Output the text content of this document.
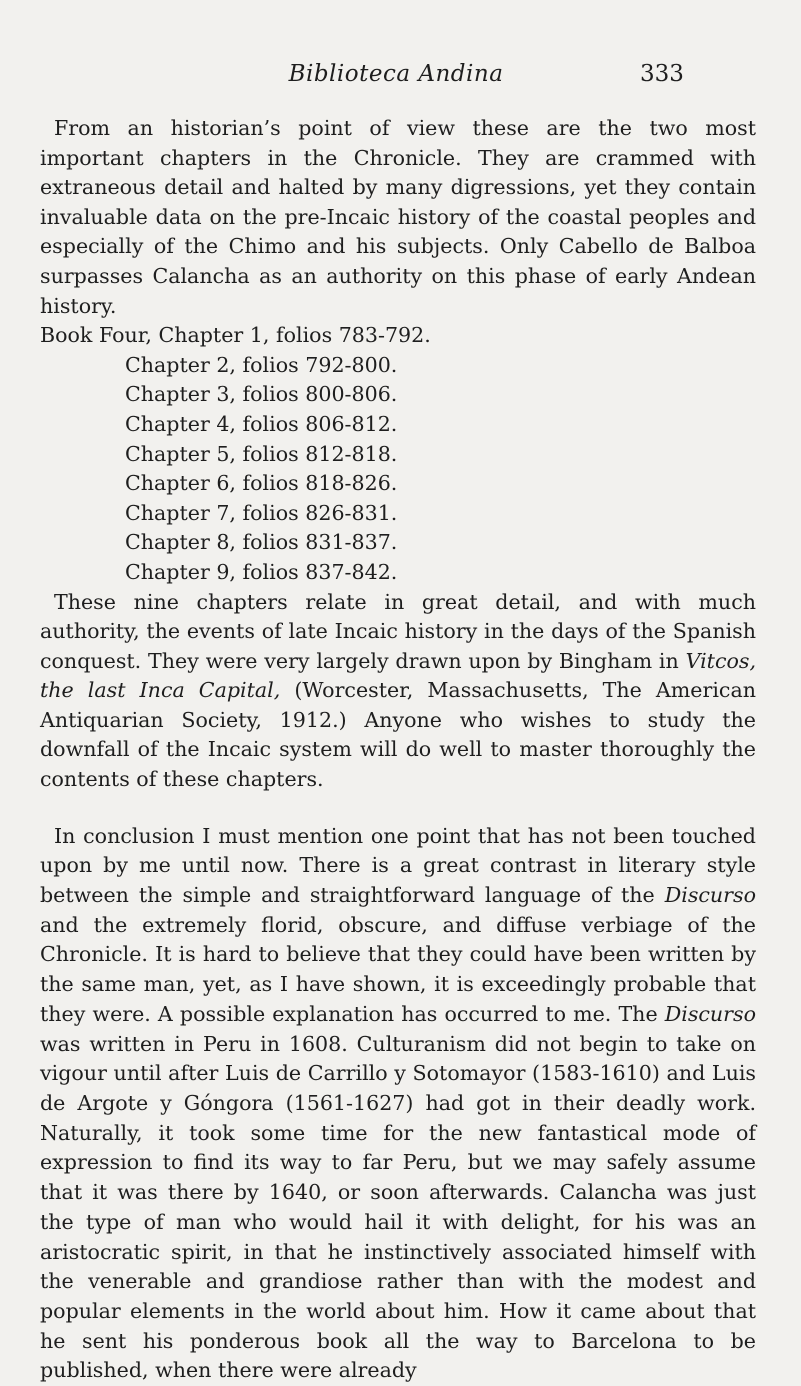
Biblioteca Andina	333

From an historian’s point of view these are the two most important chapters in the Chronicle. They are crammed with extraneous detail and halted by many digressions, yet they contain invaluable data on the pre-Incaic history of the coastal peoples and especially of the Chimo and his subjects. Only Cabello de Balboa surpasses Calancha as an authority on this phase of early Andean history.

Book Four, Chapter 1, folios 783-792.
Chapter 2, folios 792-800.
Chapter 3, folios 800-806.
Chapter 4, folios 806-812.
Chapter 5, folios 812-818.
Chapter 6, folios 818-826.
Chapter 7, folios 826-831.
Chapter 8, folios 831-837.
Chapter 9, folios 837-842.

These nine chapters relate in great detail, and with much authority, the events of late Incaic history in the days of the Spanish conquest. They were very largely drawn upon by Bingham in Vitcos, the last Inca Capital, (Worcester, Massachusetts, The American Antiquarian Society, 1912.) Anyone who wishes to study the downfall of the Incaic system will do well to master thoroughly the contents of these chapters.

In conclusion I must mention one point that has not been touched upon by me until now. There is a great contrast in literary style between the simple and straightforward language of the Discurso and the extremely florid, obscure, and diffuse verbiage of the Chronicle. It is hard to believe that they could have been written by the same man, yet, as I have shown, it is exceedingly probable that they were. A possible explanation has occurred to me. The Discurso was written in Peru in 1608. Culturanism did not begin to take on vigour until after Luis de Carrillo y Sotomayor (1583-1610) and Luis de Argote y Góngora (1561-1627) had got in their deadly work. Naturally, it took some time for the new fantastical mode of expression to find its way to far Peru, but we may safely assume that it was there by 1640, or soon afterwards. Calancha was just the type of man who would hail it with delight, for his was an aristocratic spirit, in that he instinctively associated himself with the venerable and grandiose rather than with the modest and popular elements in the world about him. How it came about that he sent his ponderous book all the way to Barcelona to be published, when there were already
